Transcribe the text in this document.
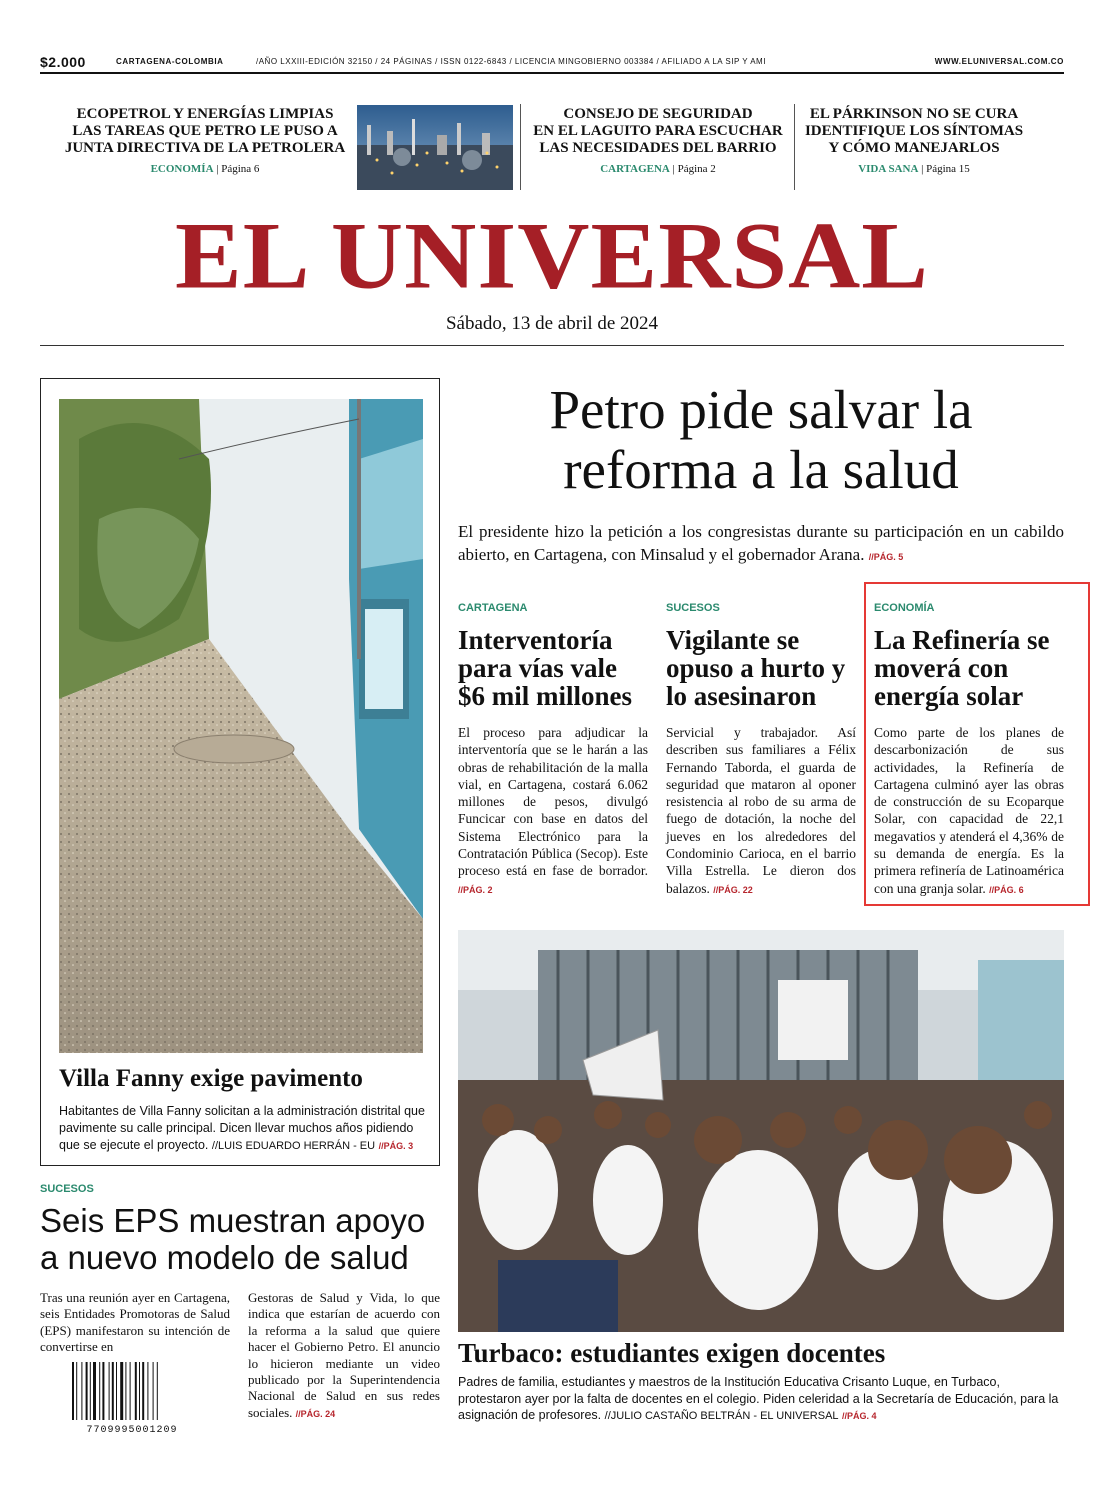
$2.000	CARTAGENA-COLOMBIA	/AÑO LXXIII-EDICIÓN 32150 / 24 PÁGINAS / ISSN 0122-6843 / LICENCIA MINGOBIERNO 003384 / AFILIADO A LA SIP Y AMI	WWW.ELUNIVERSAL.COM.CO
ECOPETROL Y ENERGÍAS LIMPIAS
LAS TAREAS QUE PETRO LE PUSO A
JUNTA DIRECTIVA DE LA PETROLERA
ECONOMÍA | Página 6
CONSEJO DE SEGURIDAD
EN EL LAGUITO PARA ESCUCHAR
LAS NECESIDADES DEL BARRIO
CARTAGENA | Página 2
EL PÁRKINSON NO SE CURA
IDENTIFIQUE LOS SÍNTOMAS
Y CÓMO MANEJARLOS
VIDA SANA | Página 15
EL UNIVERSAL
Sábado, 13 de abril de 2024
Villa Fanny exige pavimento
Habitantes de Villa Fanny solicitan a la administración distrital que pavimente su calle principal. Dicen llevar muchos años pidiendo que se ejecute el proyecto. //LUIS EDUARDO HERRÁN - EU //PÁG. 3
Petro pide salvar la
reforma a la salud
El presidente hizo la petición a los congresistas durante su participación en un cabildo abierto, en Cartagena, con Minsalud y el gobernador Arana. //PÁG. 5
CARTAGENA
Interventoría para vías vale $6 mil millones
El proceso para adjudicar la interventoría que se le harán a las obras de rehabilitación de la malla vial, en Cartagena, costará 6.062 millones de pesos, divulgó Funcicar con base en datos del Sistema Electrónico para la Contratación Pública (Secop). Este proceso está en fase de borrador. //PÁG. 2
SUCESOS
Vigilante se opuso a hurto y lo asesinaron
Servicial y trabajador. Así describen sus familiares a Félix Fernando Taborda, el guarda de seguridad que mataron al oponer resistencia al robo de su arma de fuego de dotación, la noche del jueves en los alrededores del Condominio Carioca, en el barrio Villa Estrella. Le dieron dos balazos. //PÁG. 22
ECONOMÍA
La Refinería se moverá con energía solar
Como parte de los planes de descarbonización de sus actividades, la Refinería de Cartagena culminó ayer las obras de construcción de su Ecoparque Solar, con capacidad de 22,1 megavatios y atenderá el 4,36% de su demanda de energía. Es la primera refinería de Latinoamérica con una granja solar. //PÁG. 6
Turbaco: estudiantes exigen docentes
Padres de familia, estudiantes y maestros de la Institución Educativa Crisanto Luque, en Turbaco, protestaron ayer por la falta de docentes en el colegio. Piden celeridad a la Secretaría de Educación, para la asignación de profesores. //JULIO CASTAÑO BELTRÁN - EL UNIVERSAL //PÁG. 4
SUCESOS
Seis EPS muestran apoyo
a nuevo modelo de salud
Tras una reunión ayer en Cartagena, seis Entidades Promotoras de Salud (EPS) manifestaron su intención de convertirse en
Gestoras de Salud y Vida, lo que indica que estarían de acuerdo con la reforma a la salud que quiere hacer el Gobierno Petro. El anuncio lo hicieron mediante un video publicado por la Superintendencia Nacional de Salud en sus redes sociales. //PÁG. 24
7709995001209
